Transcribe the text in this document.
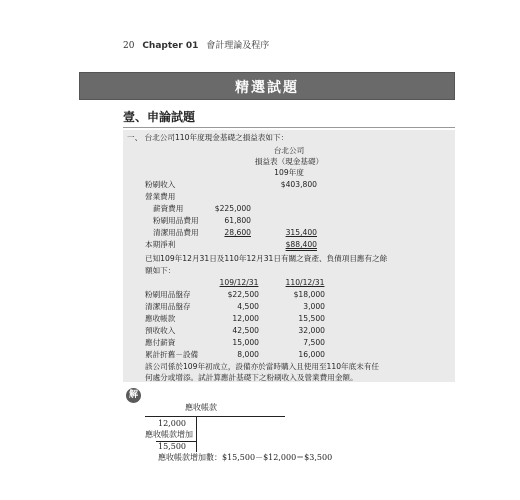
20 Chapter 01 會計理論及程序
精選試題
壹、申論試題
一、 台北公司110年度現金基礎之損益表如下：
台北公司
損益表（現金基礎）
109年度
粉刷收入	$403,800
營業費用
薪資費用	$225,000
粉刷用品費用	61,800
清潔用品費用	28,600	315,400
本期淨利	$88,400
已知109年12月31日及110年12月31日有關之資產、負債項目應有之餘
額如下：
109/12/31	110/12/31
粉刷用品盤存	$22,500	$18,000
清潔用品盤存	4,500	3,000
應收帳款	12,000	15,500
預收收入	42,500	32,000
應付薪資	15,000	7,500
累計折舊－設備	8,000	16,000
該公司係於109年初成立，設備亦於當時購入且使用至110年底未有任
何處分或增添。試計算應計基礎下之粉刷收入及營業費用金額。
解
應收帳款
12,000
應收帳款增加
15,500
應收帳款增加數：$15,500－$12,000＝$3,500
